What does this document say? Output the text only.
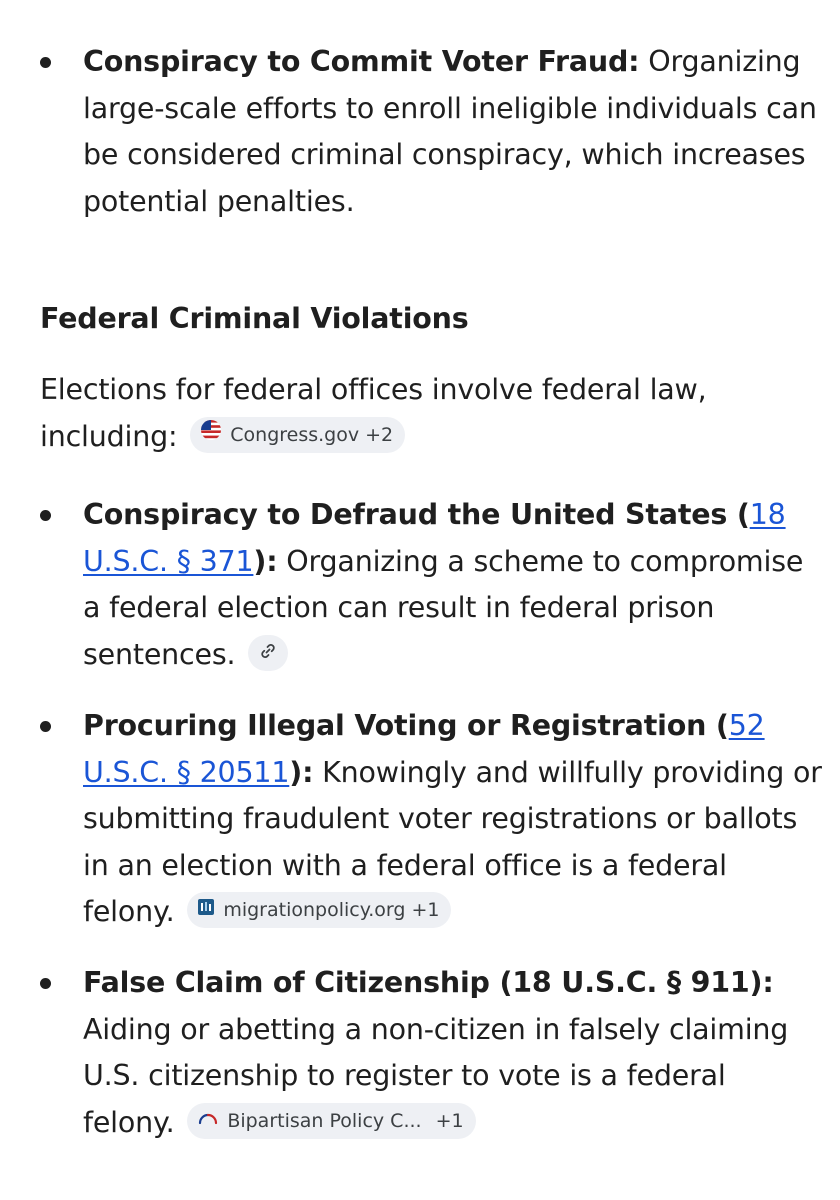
Conspiracy to Commit Voter Fraud: Organizing large-scale efforts to enroll ineligible individuals can be considered criminal conspiracy, which increases potential penalties.
Federal Criminal Violations
Elections for federal offices involve federal law, including:	Congress.gov +2
Conspiracy to Defraud the United States (18 U.S.C. § 371): Organizing a scheme to compromise a federal election can result in federal prison sentences.
Procuring Illegal Voting or Registration (52 U.S.C. § 20511): Knowingly and willfully providing or submitting fraudulent voter registrations or ballots in an election with a federal office is a federal felony.	migrationpolicy.org +1
False Claim of Citizenship (18 U.S.C. § 911): Aiding or abetting a non-citizen in falsely claiming U.S. citizenship to register to vote is a federal felony.	Bipartisan Policy C... +1
